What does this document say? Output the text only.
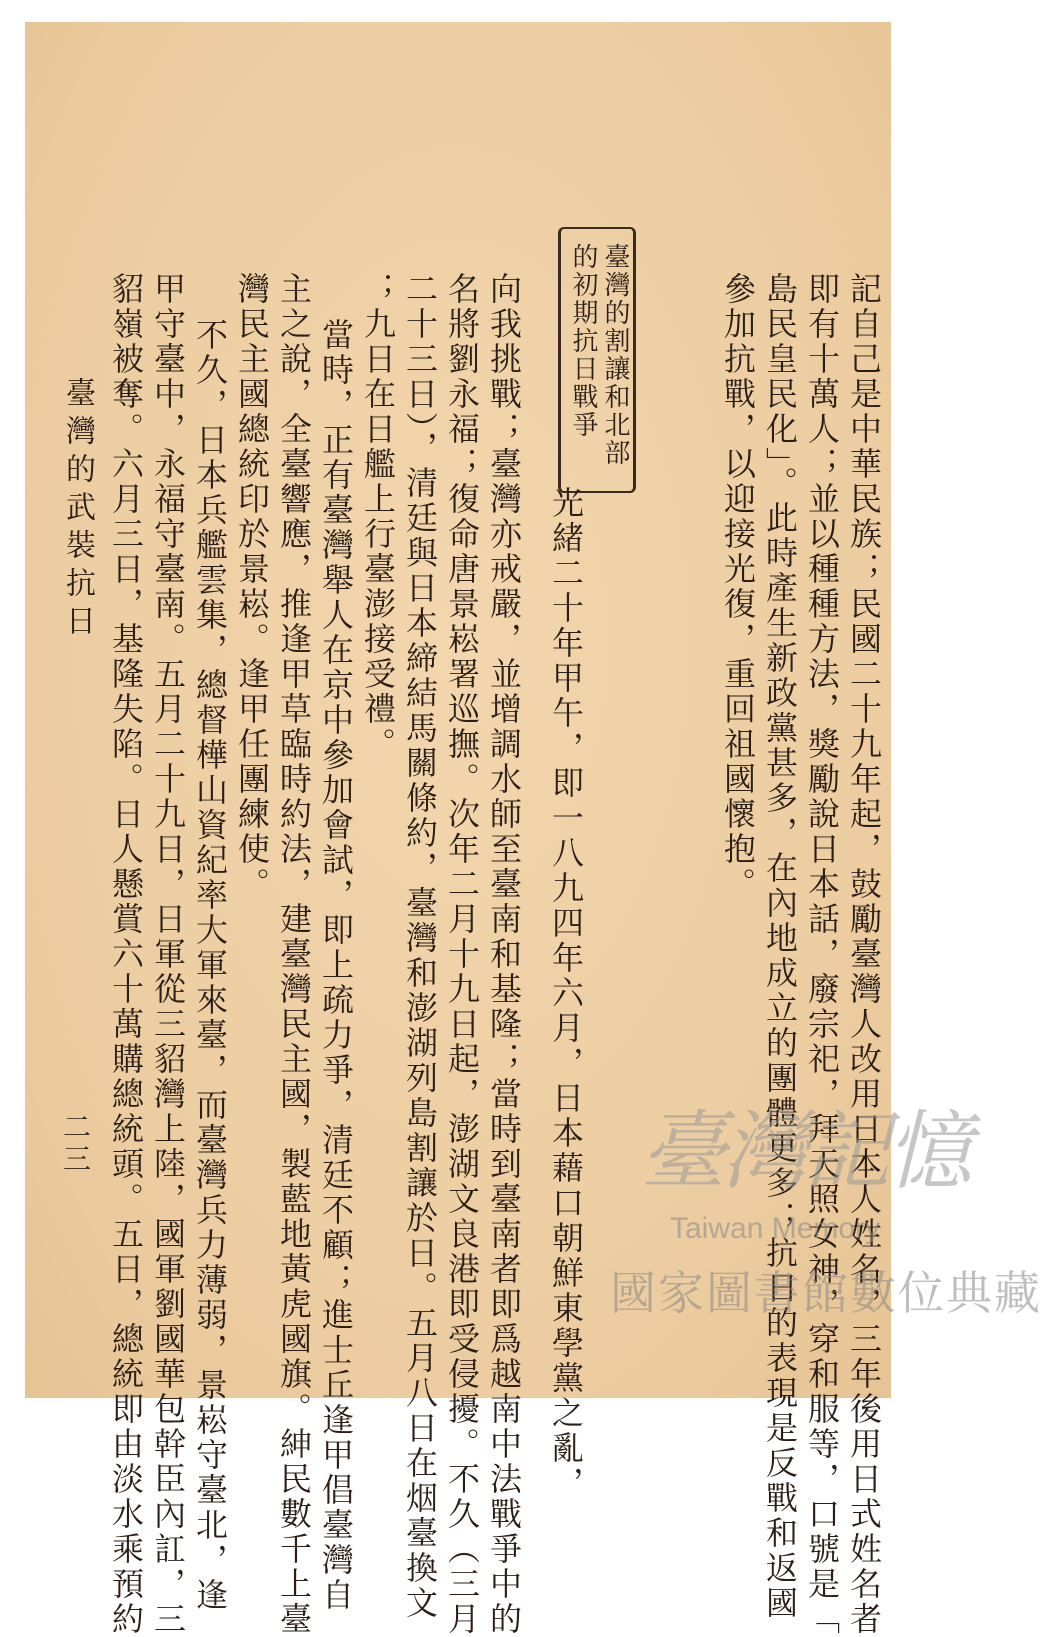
記自己是中華民族；民國二十九年起，鼓勵臺灣人改用日本人姓名，三年後用日式姓名者
即有十萬人；並以種種方法，獎勵說日本話，廢宗祀，拜天照女神，穿和服等，口號是「
島民皇民化」。此時產生新政黨甚多，在內地成立的團體更多；抗日的表現是反戰和返國
參加抗戰，以迎接光復，重回祖國懷抱。
臺灣的割讓和北部
的初期抗日戰爭
光緒二十年甲午，即一八九四年六月，日本藉口朝鮮東學黨之亂，
向我挑戰；臺灣亦戒嚴，並增調水師至臺南和基隆；當時到臺南者即爲越南中法戰爭中的
名將劉永福；復命唐景崧署巡撫。次年二月十九日起，澎湖文良港即受侵擾。不久（三月
二十三日），清廷與日本締結馬關條約，臺灣和澎湖列島割讓於日。五月八日在烟臺換文
；九日在日艦上行臺澎接受禮。
當時，正有臺灣舉人在京中參加會試，即上疏力爭，清廷不顧；進士丘逢甲倡臺灣自
主之說，全臺響應，推逢甲草臨時約法，建臺灣民主國，製藍地黃虎國旗。紳民數千上臺
灣民主國總統印於景崧。逢甲任團練使。
不久，日本兵艦雲集，總督樺山資紀率大軍來臺，而臺灣兵力薄弱，景崧守臺北，逢
甲守臺中，永福守臺南。五月二十九日，日軍從三貂灣上陸，國軍劉國華包幹臣內訌，三
貂嶺被奪。六月三日，基隆失陷。日人懸賞六十萬購總統頭。五日，總統即由淡水乘預約
臺灣的武裝抗日
二三	臺灣記憶
Taiwan Memory
國家圖書館數位典藏
